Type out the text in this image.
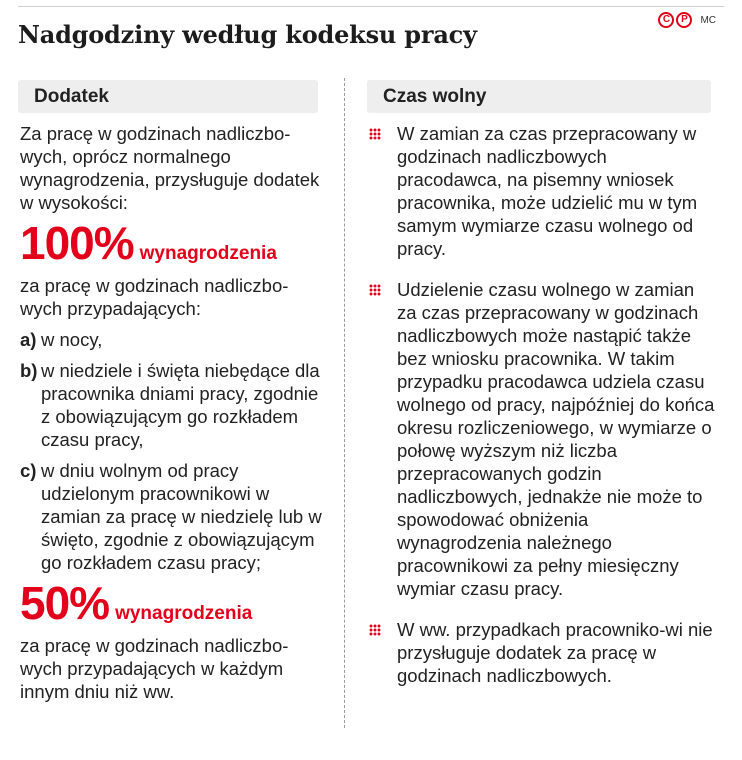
Nadgodziny według kodeksu pracy
C	P	MC
Dodatek	Czas wolny

Za pracę w godzinach nadliczbo-wych, oprócz normalnego wynagrodzenia, przysługuje dodatek w wysokości:

100% wynagrodzenia

za pracę w godzinach nadliczbo-wych przypadających:

a) w nocy,
b) w niedziele i święta niebędące dla pracownika dniami pracy, zgodnie z obowiązującym go rozkładem czasu pracy,
c) w dniu wolnym od pracy udzielonym pracownikowi w zamian za pracę w niedzielę lub w święto, zgodnie z obowiązującym go rozkładem czasu pracy;
50% wynagrodzenia

za pracę w godzinach nadliczbo-wych przypadających w każdym innym dniu niż ww.

W zamian za czas przepracowany w godzinach nadliczbowych pracodawca, na pisemny wniosek pracownika, może udzielić mu w tym samym wymiarze czasu wolnego od pracy.
Udzielenie czasu wolnego w zamian za czas przepracowany w godzinach nadliczbowych może nastąpić także bez wniosku pracownika. W takim przypadku pracodawca udziela czasu wolnego od pracy, najpóźniej do końca okresu rozliczeniowego, w wymiarze o połowę wyższym niż liczba przepracowanych godzin nadliczbowych, jednakże nie może to spowodować obniżenia wynagrodzenia należnego pracownikowi za pełny miesięczny wymiar czasu pracy.
W ww. przypadkach pracowniko-wi nie przysługuje dodatek za pracę w godzinach nadliczbowych.
